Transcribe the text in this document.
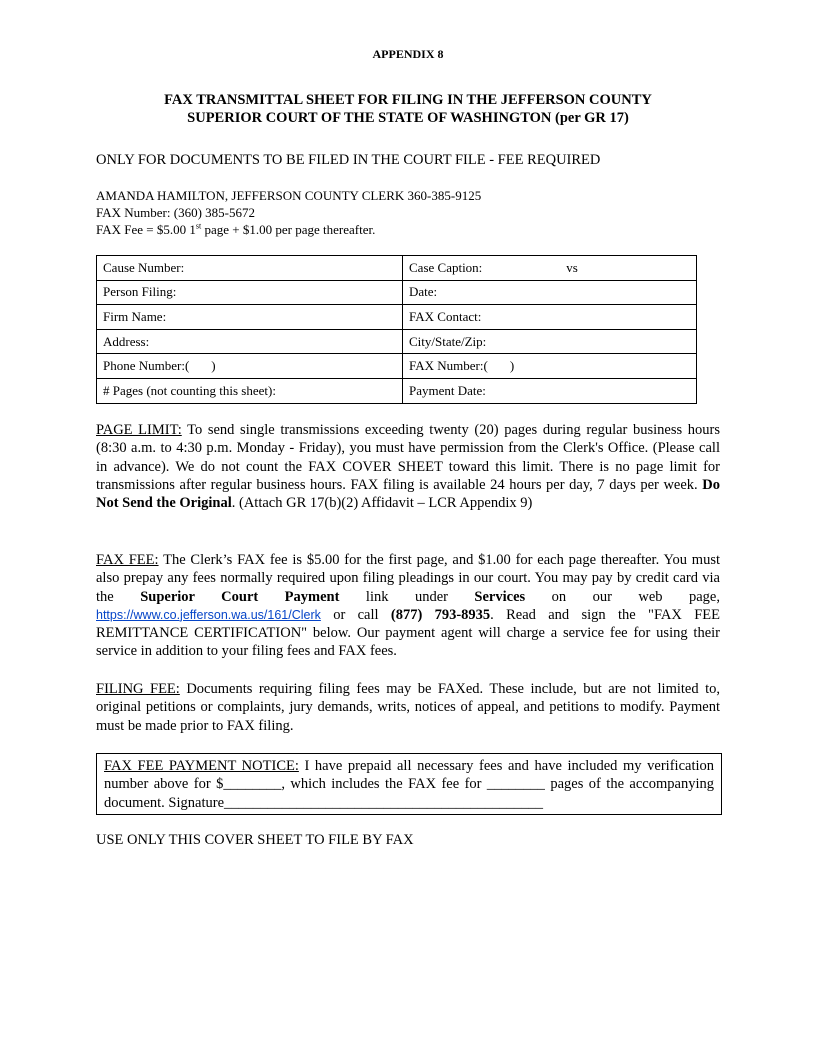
APPENDIX 8
FAX TRANSMITTAL SHEET FOR FILING IN THE JEFFERSON COUNTY
SUPERIOR COURT OF THE STATE OF WASHINGTON (per GR 17)
ONLY FOR DOCUMENTS TO BE FILED IN THE COURT FILE - FEE REQUIRED
AMANDA HAMILTON, JEFFERSON COUNTY CLERK 360-385-9125
FAX Number: (360) 385-5672
FAX Fee = $5.00 1st page + $1.00 per page thereafter.
Cause Number:	Case Caption: vs
Person Filing:	Date:
Firm Name:	FAX Contact:
Address:	City/State/Zip:
Phone Number:( )	FAX Number:( )
# Pages (not counting this sheet):	Payment Date:
PAGE LIMIT: To send single transmissions exceeding twenty (20) pages during regular business hours (8:30 a.m. to 4:30 p.m. Monday - Friday), you must have permission from the Clerk's Office. (Please call in advance). We do not count the FAX COVER SHEET toward this limit. There is no page limit for transmissions after regular business hours. FAX filing is available 24 hours per day, 7 days per week. Do Not Send the Original. (Attach GR 17(b)(2) Affidavit – LCR Appendix 9)
FAX FEE: The Clerk’s FAX fee is $5.00 for the first page, and $1.00 for each page thereafter. You must also prepay any fees normally required upon filing pleadings in our court. You may pay by credit card via the Superior Court Payment link under Services on our web page, https://www.co.jefferson.wa.us/161/Clerk or call (877) 793-8935. Read and sign the "FAX FEE REMITTANCE CERTIFICATION" below. Our payment agent will charge a service fee for using their service in addition to your filing fees and FAX fees.
FILING FEE: Documents requiring filing fees may be FAXed. These include, but are not limited to, original petitions or complaints, jury demands, writs, notices of appeal, and petitions to modify. Payment must be made prior to FAX filing.
FAX FEE PAYMENT NOTICE: I have prepaid all necessary fees and have included my verification number above for $________, which includes the FAX fee for ________ pages of the accompanying document. Signature____________________________________________
USE ONLY THIS COVER SHEET TO FILE BY FAX
